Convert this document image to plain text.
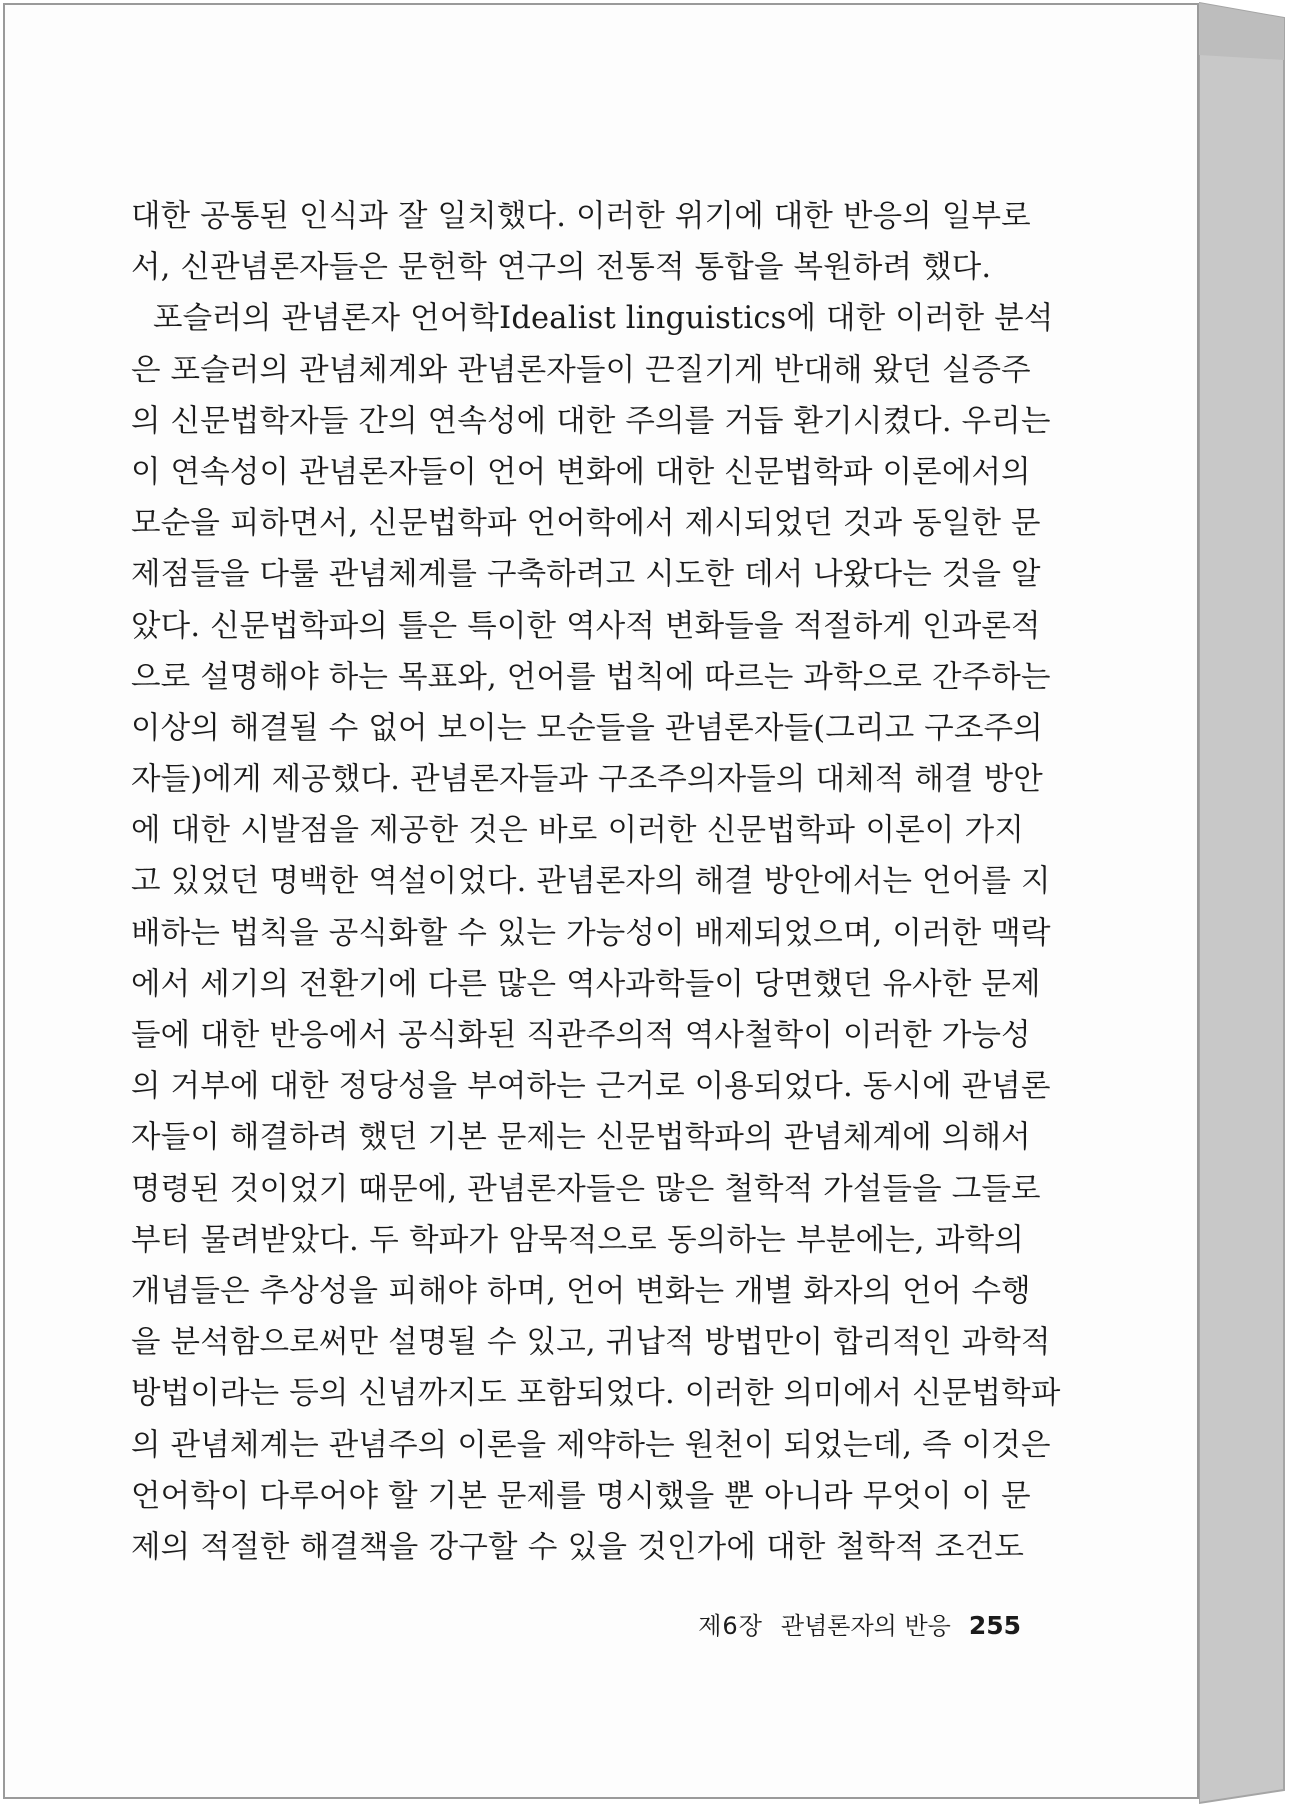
대한 공통된 인식과 잘 일치했다. 이러한 위기에 대한 반응의 일부로
서, 신관념론자들은 문헌학 연구의 전통적 통합을 복원하려 했다.
포슬러의 관념론자 언어학Idealist linguistics에 대한 이러한 분석
은 포슬러의 관념체계와 관념론자들이 끈질기게 반대해 왔던 실증주
의 신문법학자들 간의 연속성에 대한 주의를 거듭 환기시켰다. 우리는
이 연속성이 관념론자들이 언어 변화에 대한 신문법학파 이론에서의
모순을 피하면서, 신문법학파 언어학에서 제시되었던 것과 동일한 문
제점들을 다룰 관념체계를 구축하려고 시도한 데서 나왔다는 것을 알
았다. 신문법학파의 틀은 특이한 역사적 변화들을 적절하게 인과론적
으로 설명해야 하는 목표와, 언어를 법칙에 따르는 과학으로 간주하는
이상의 해결될 수 없어 보이는 모순들을 관념론자들(그리고 구조주의
자들)에게 제공했다. 관념론자들과 구조주의자들의 대체적 해결 방안
에 대한 시발점을 제공한 것은 바로 이러한 신문법학파 이론이 가지
고 있었던 명백한 역설이었다. 관념론자의 해결 방안에서는 언어를 지
배하는 법칙을 공식화할 수 있는 가능성이 배제되었으며, 이러한 맥락
에서 세기의 전환기에 다른 많은 역사과학들이 당면했던 유사한 문제
들에 대한 반응에서 공식화된 직관주의적 역사철학이 이러한 가능성
의 거부에 대한 정당성을 부여하는 근거로 이용되었다. 동시에 관념론
자들이 해결하려 했던 기본 문제는 신문법학파의 관념체계에 의해서
명령된 것이었기 때문에, 관념론자들은 많은 철학적 가설들을 그들로
부터 물려받았다. 두 학파가 암묵적으로 동의하는 부분에는, 과학의
개념들은 추상성을 피해야 하며, 언어 변화는 개별 화자의 언어 수행
을 분석함으로써만 설명될 수 있고, 귀납적 방법만이 합리적인 과학적
방법이라는 등의 신념까지도 포함되었다. 이러한 의미에서 신문법학파
의 관념체계는 관념주의 이론을 제약하는 원천이 되었는데, 즉 이것은
언어학이 다루어야 할 기본 문제를 명시했을 뿐 아니라 무엇이 이 문
제의 적절한 해결책을 강구할 수 있을 것인가에 대한 철학적 조건도
제6장 관념론자의 반응 255
